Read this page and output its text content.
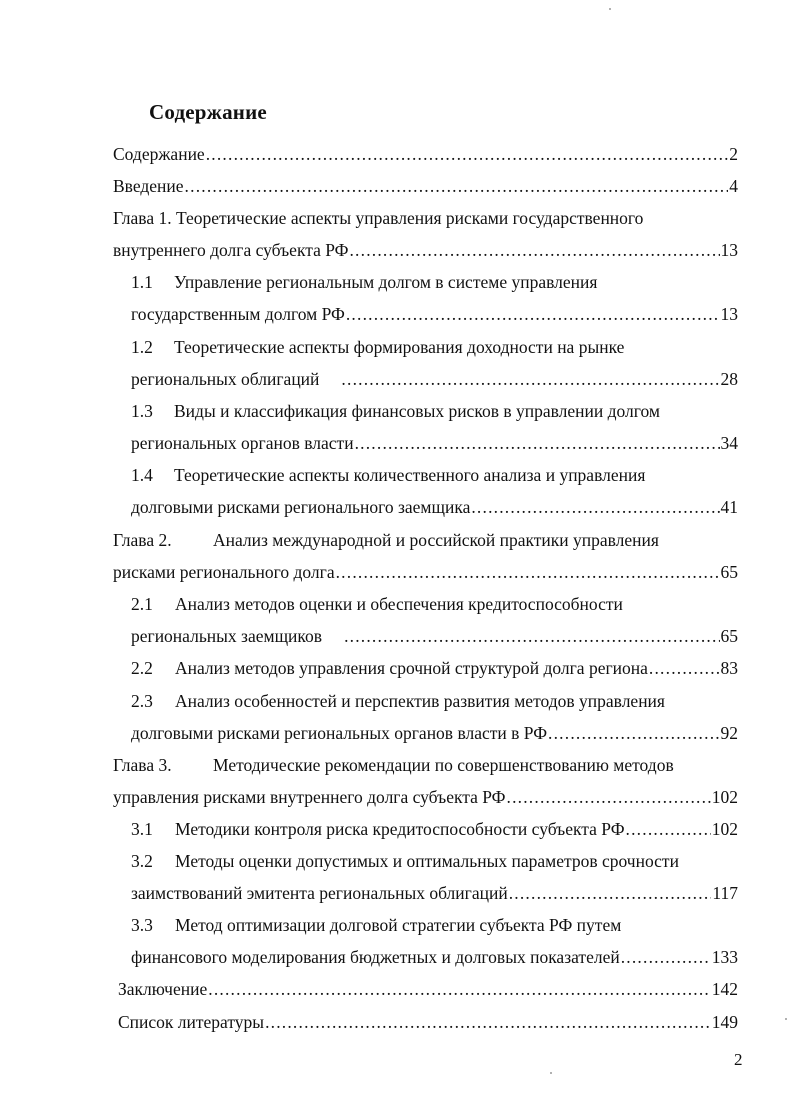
Содержание
Содержание .....	2
Введение .....	4
Глава 1. Теоретические аспекты управления рисками государственного
внутреннего долга субъекта РФ .....	13
1.1 Управление региональным долгом в системе управления
государственным долгом РФ .....	13
1.2 Теоретические аспекты формирования доходности на рынке
региональных облигаций .....	28
1.3 Виды и классификация финансовых рисков в управлении долгом
региональных органов власти .....	34
1.4 Теоретические аспекты количественного анализа и управления
долговыми рисками регионального заемщика .....	41
Глава 2. Анализ международной и российской практики управления
рисками регионального долга .....	65
2.1 Анализ методов оценки и обеспечения кредитоспособности
региональных заемщиков .....	65
2.2	Анализ методов управления срочной структурой долга региона .....	83
2.3 Анализ особенностей и перспектив развития методов управления
долговыми рисками региональных органов власти в РФ .....	92
Глава 3. Методические рекомендации по совершенствованию методов
управления рисками внутреннего долга субъекта РФ .....	102
3.1	Методики контроля риска кредитоспособности субъекта РФ .....	102
3.2 Методы оценки допустимых и оптимальных параметров срочности
заимствований эмитента региональных облигаций .....	117
3.3 Метод оптимизации долговой стратегии субъекта РФ путем
финансового моделирования бюджетных и долговых показателей .....	133
Заключение .....	142
Список литературы .....	149
2
